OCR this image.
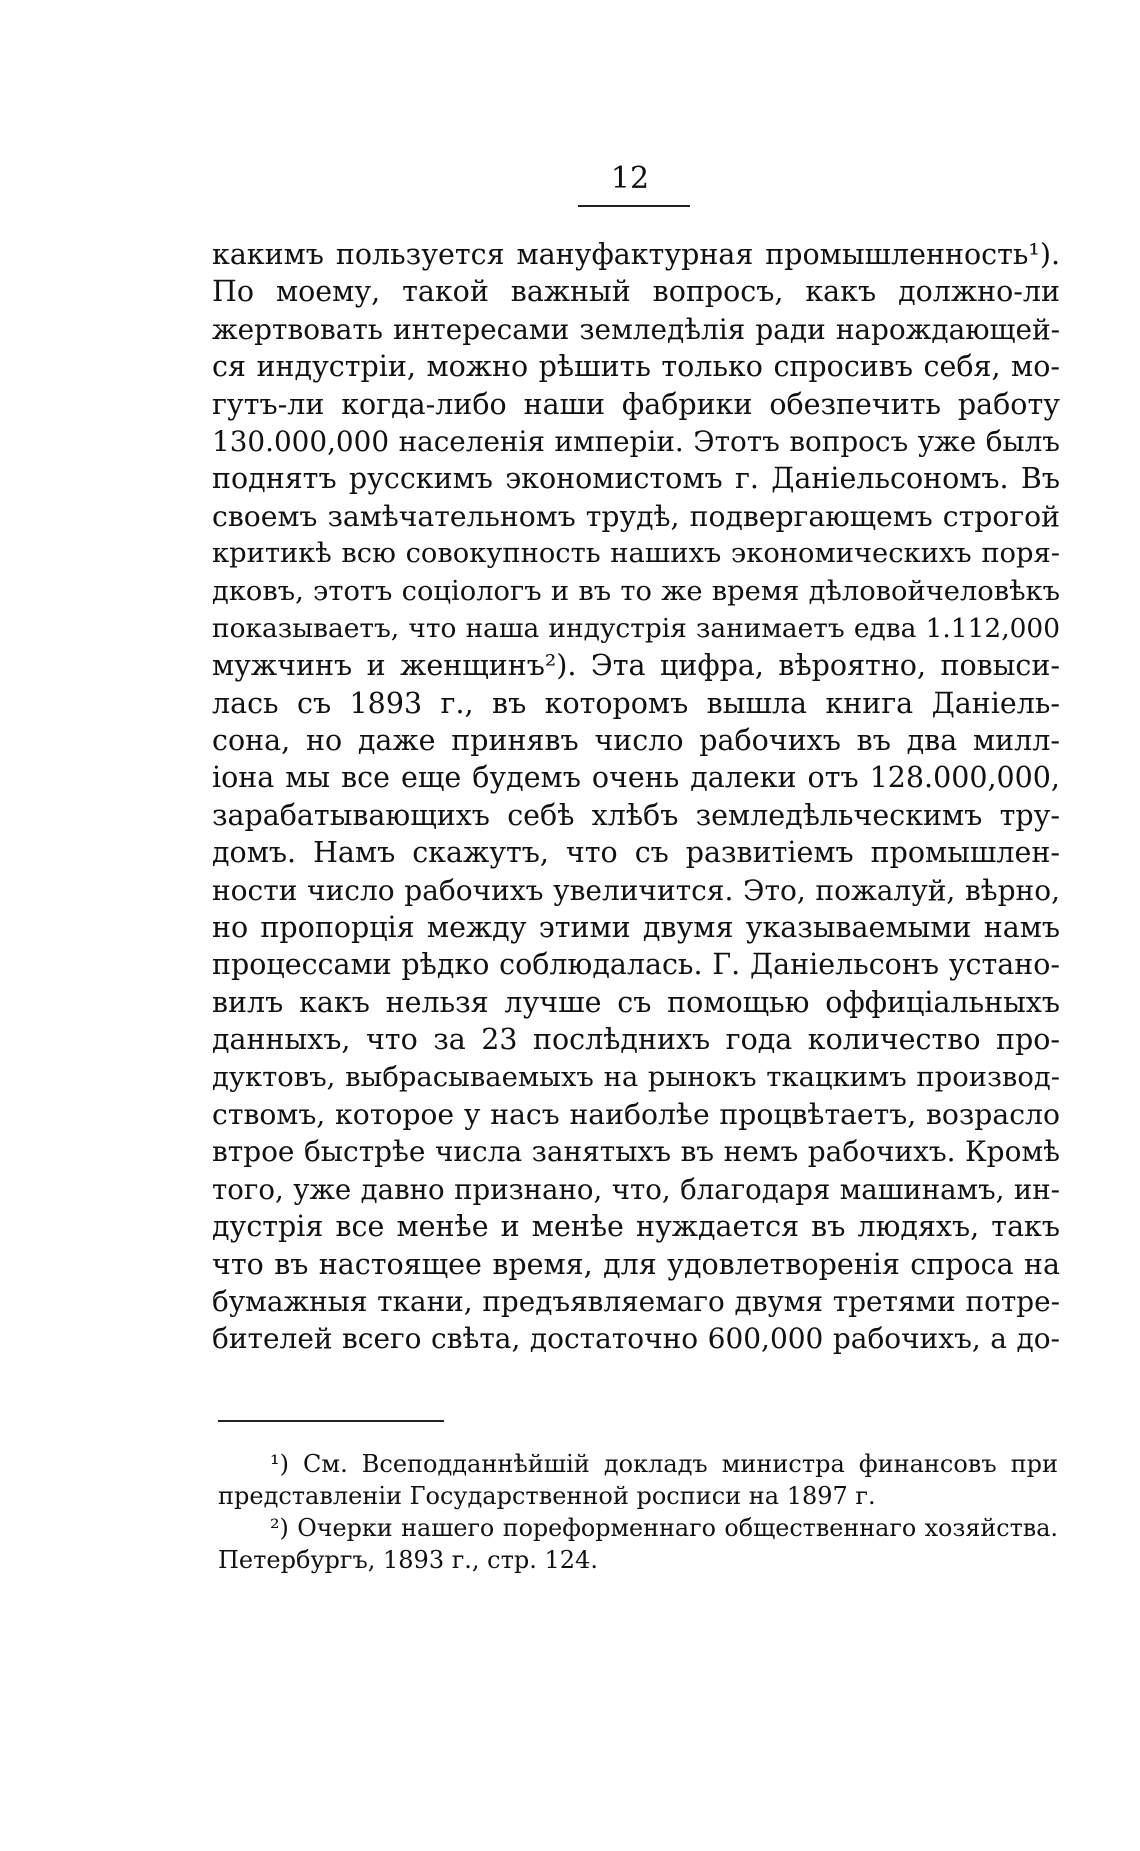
12
какимъ пользуется мануфактурная промышленность¹).
По моему, такой важный вопросъ, какъ должно-ли
жертвовать интересами земледѣлія ради нарождающей-
ся индустріи, можно рѣшить только спросивъ себя, мо-
гутъ-ли когда-либо наши фабрики обезпечить работу
130.000,000 населенія имперіи. Этотъ вопросъ уже былъ
поднятъ русскимъ экономистомъ г. Даніельсономъ. Въ
своемъ замѣчательномъ трудѣ, подвергающемъ строгой
критикѣ всю совокупность нашихъ экономическихъ поря-
дковъ, этотъ соціологъ и въ то же время дѣловойчеловѣкъ
показываетъ, что наша индустрія занимаетъ едва 1.112,000
мужчинъ и женщинъ²). Эта цифра, вѣроятно, повыси-
лась съ 1893 г., въ которомъ вышла книга Даніель-
сона, но даже принявъ число рабочихъ въ два милл-
іона мы все еще будемъ очень далеки отъ 128.000,000,
зарабатывающихъ себѣ хлѣбъ земледѣльческимъ тру-
домъ. Намъ скажутъ, что съ развитіемъ промышлен-
ности число рабочихъ увеличится. Это, пожалуй, вѣрно,
но пропорція между этими двумя указываемыми намъ
процессами рѣдко соблюдалась. Г. Даніельсонъ устано-
вилъ какъ нельзя лучше съ помощью оффиціальныхъ
данныхъ, что за 23 послѣднихъ года количество про-
дуктовъ, выбрасываемыхъ на рынокъ ткацкимъ производ-
ствомъ, которое у насъ наиболѣе процвѣтаетъ, возрасло
втрое быстрѣе числа занятыхъ въ немъ рабочихъ. Кромѣ
того, уже давно признано, что, благодаря машинамъ, ин-
дустрія все менѣе и менѣе нуждается въ людяхъ, такъ
что въ настоящее время, для удовлетворенія спроса на
бумажныя ткани, предъявляемаго двумя третями потре-
бителей всего свѣта, достаточно 600,000 рабочихъ, а до-
¹) См. Всеподданнѣйшій докладъ министра финансовъ при
представленіи Государственной росписи на 1897 г.
²) Очерки нашего пореформеннаго общественнаго хозяйства.
Петербургъ, 1893 г., стр. 124.
